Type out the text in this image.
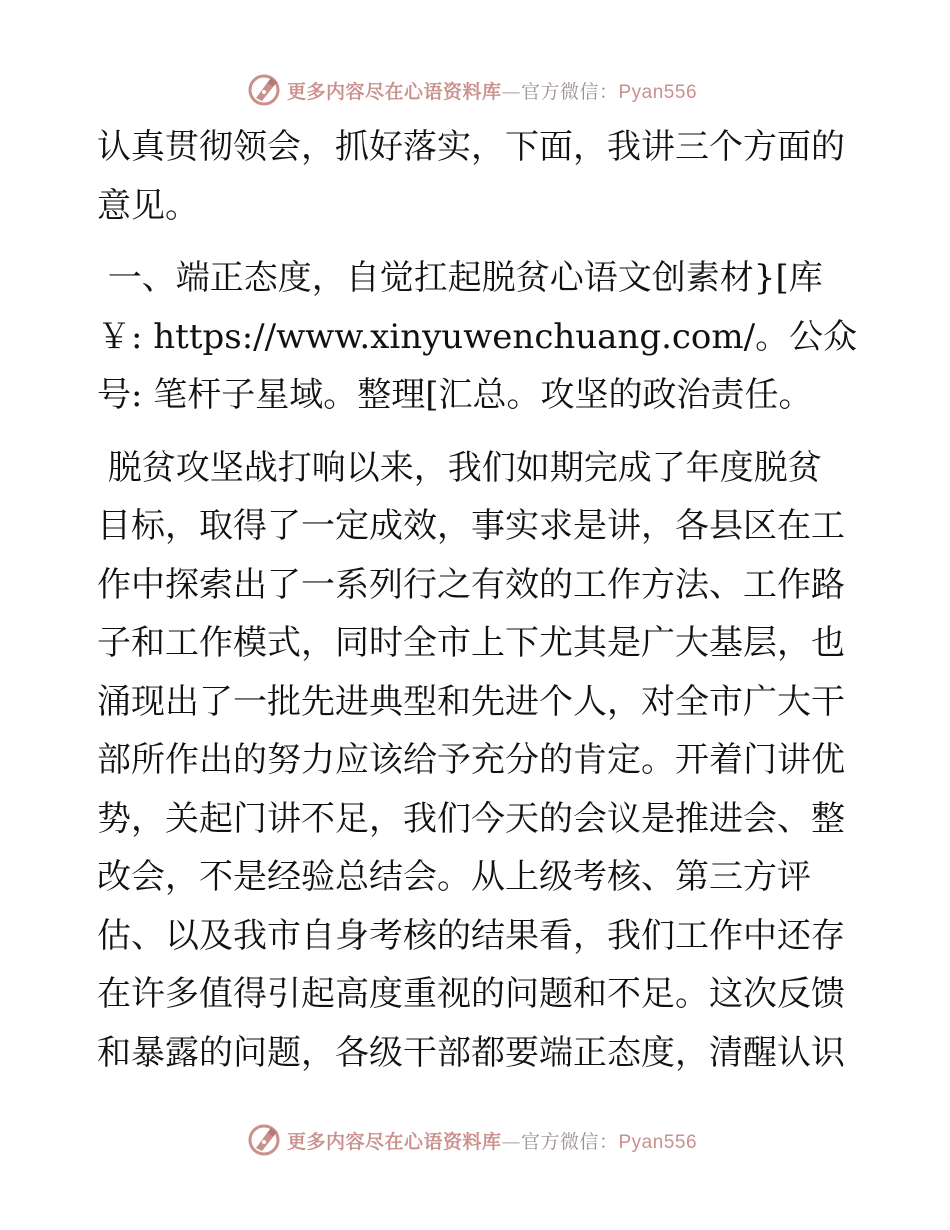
更多内容尽在心语资料库—官方微信：Pyan556

认真贯彻领会，抓好落实，下面，我讲三个方面的
意见。

一、端正态度，自觉扛起脱贫心语文创素材}[库
￥: https://www.xinyuwenchuang.com/。公众
号: 笔杆子星域。整理[汇总。攻坚的政治责任。

脱贫攻坚战打响以来，我们如期完成了年度脱贫
目标，取得了一定成效，事实求是讲，各县区在工
作中探索出了一系列行之有效的工作方法、工作路
子和工作模式，同时全市上下尤其是广大基层，也
涌现出了一批先进典型和先进个人，对全市广大干
部所作出的努力应该给予充分的肯定。开着门讲优
势，关起门讲不足，我们今天的会议是推进会、整
改会，不是经验总结会。从上级考核、第三方评
估、以及我市自身考核的结果看，我们工作中还存
在许多值得引起高度重视的问题和不足。这次反馈
和暴露的问题，各级干部都要端正态度，清醒认识

更多内容尽在心语资料库—官方微信：Pyan556
